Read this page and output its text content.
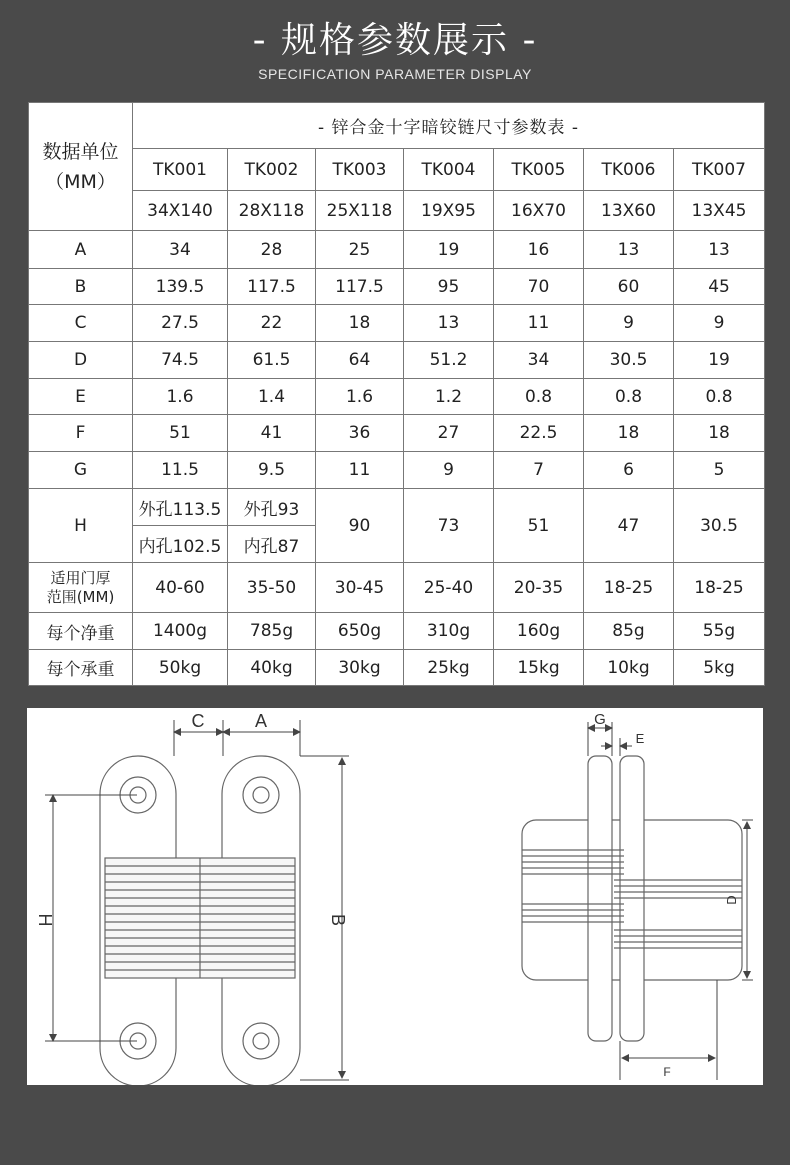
- 规格参数展示 -
SPECIFICATION PARAMETER DISPLAY
数据单位
（MM）	- 锌合金十字暗铰链尺寸参数表 -						
	TK001	TK002	TK003	TK004	TK005	TK006	TK007
	34X140	28X118	25X118	19X95	16X70	13X60	13X45
A	34	28	25	19	16	13	13
B	139.5	117.5	117.5	95	70	60	45
C	27.5	22	18	13	11	9	9
D	74.5	61.5	64	51.2	34	30.5	19
E	1.6	1.4	1.6	1.2	0.8	0.8	0.8
F	51	41	36	27	22.5	18	18
G	11.5	9.5	11	9	7	6	5
H	外孔113.5	外孔93	90	73	51	47	30.5
	内孔102.5	内孔87					

适用门厚
范围(MM)	40-60	35-50	30-45	25-40	20-35	18-25	18-25
每个净重	1400g	785g	650g	310g	160g	85g	55g
每个承重	50kg	40kg	30kg	25kg	15kg	10kg	5kg
C	A
H	B
G
E
D
F
